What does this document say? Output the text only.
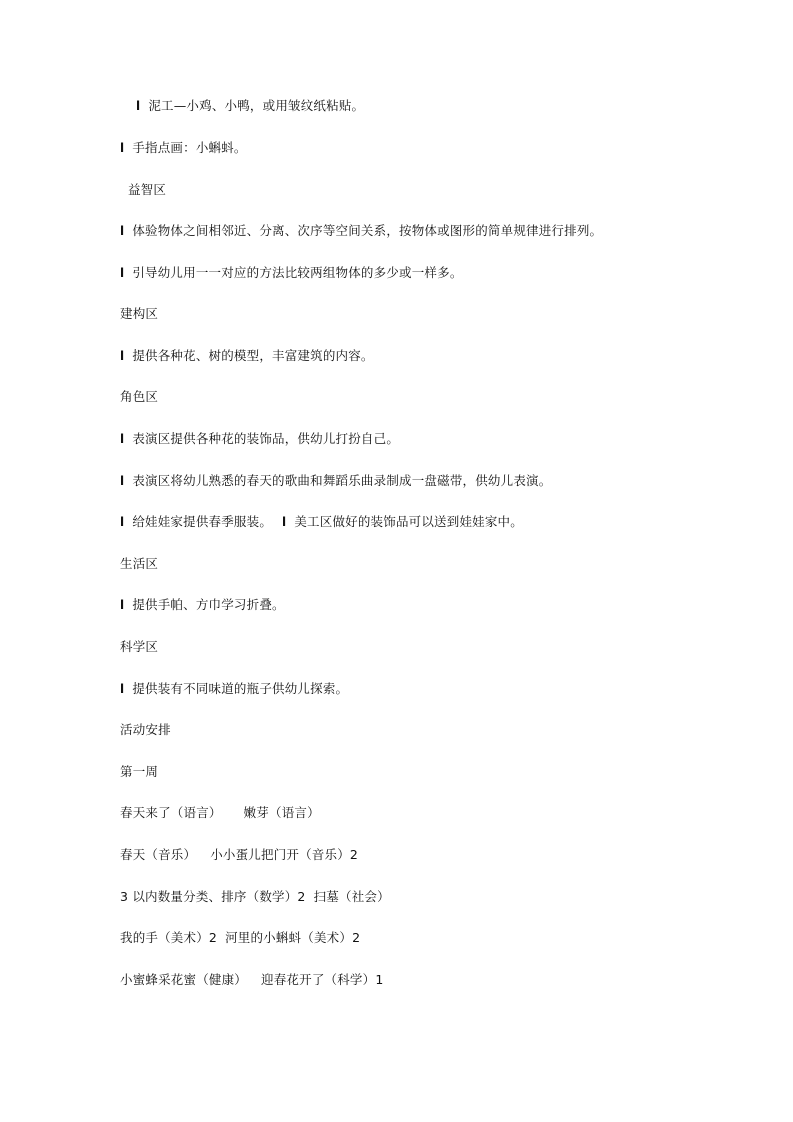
l 泥工—小鸡、小鸭，或用皱纹纸粘贴。
l 手指点画：小蝌蚪。
益智区
l 体验物体之间相邻近、分离、次序等空间关系，按物体或图形的简单规律进行排列。
l 引导幼儿用一一对应的方法比较两组物体的多少或一样多。
建构区
l 提供各种花、树的模型，丰富建筑的内容。
角色区
l 表演区提供各种花的装饰品，供幼儿打扮自己。
l 表演区将幼儿熟悉的春天的歌曲和舞蹈乐曲录制成一盘磁带，供幼儿表演。
l 给娃娃家提供春季服装。 l 美工区做好的装饰品可以送到娃娃家中。
生活区
l 提供手帕、方巾学习折叠。
科学区
l 提供装有不同味道的瓶子供幼儿探索。
活动安排
第一周
春天来了（语言） 嫩芽（语言）
春天（音乐） 小小蛋儿把门开（音乐）2
3 以内数量分类、排序（数学）2 扫墓（社会）
我的手（美术）2 河里的小蝌蚪（美术）2
小蜜蜂采花蜜（健康） 迎春花开了（科学）1
